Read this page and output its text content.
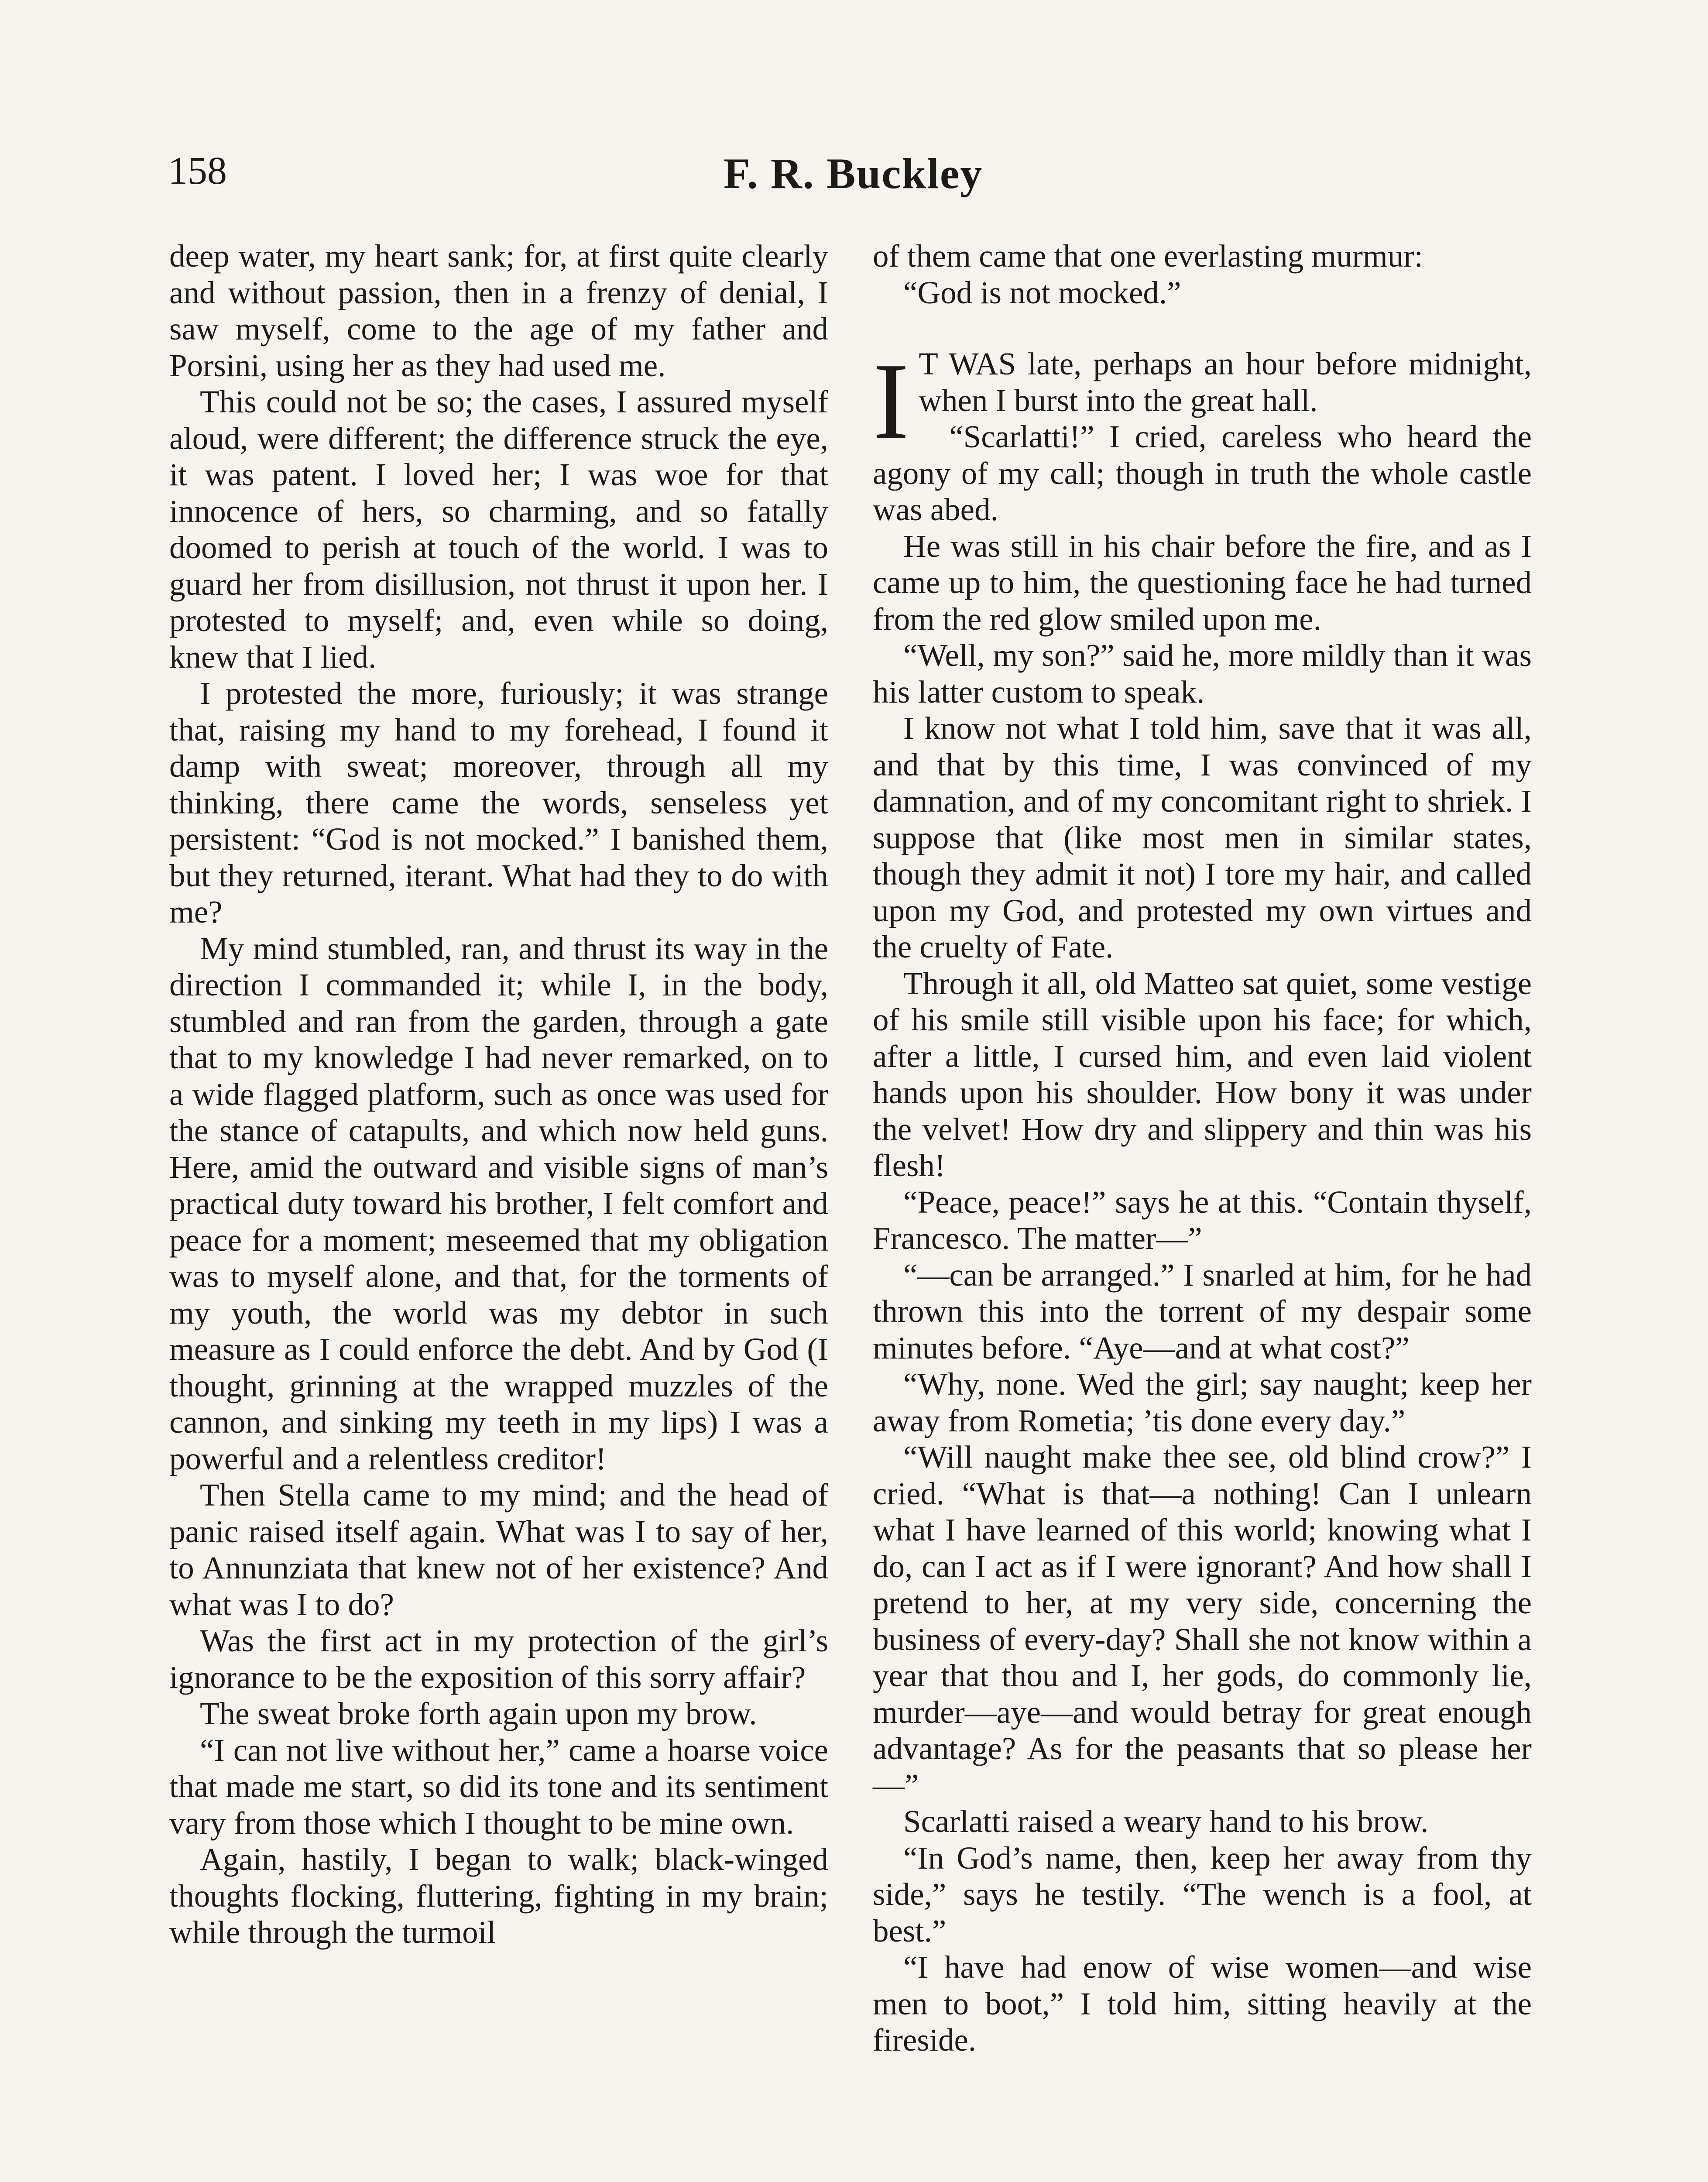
158	F. R. Buckley

deep water, my heart sank; for, at first quite clearly and without passion, then in a frenzy of denial, I saw myself, come to the age of my father and Porsini, using her as they had used me.

This could not be so; the cases, I assured myself aloud, were different; the difference struck the eye, it was patent. I loved her; I was woe for that innocence of hers, so charming, and so fatally doomed to perish at touch of the world. I was to guard her from disillusion, not thrust it upon her. I protested to myself; and, even while so doing, knew that I lied.

I protested the more, furiously; it was strange that, raising my hand to my forehead, I found it damp with sweat; moreover, through all my thinking, there came the words, senseless yet persistent: “God is not mocked.” I banished them, but they returned, iterant. What had they to do with me?

My mind stumbled, ran, and thrust its way in the direction I commanded it; while I, in the body, stumbled and ran from the garden, through a gate that to my knowledge I had never remarked, on to a wide flagged platform, such as once was used for the stance of catapults, and which now held guns. Here, amid the outward and visible signs of man’s practical duty toward his brother, I felt comfort and peace for a moment; meseemed that my obligation was to myself alone, and that, for the torments of my youth, the world was my debtor in such measure as I could enforce the debt. And by God (I thought, grinning at the wrapped muzzles of the cannon, and sinking my teeth in my lips) I was a powerful and a relentless creditor!

Then Stella came to my mind; and the head of panic raised itself again. What was I to say of her, to Annunziata that knew not of her existence? And what was I to do?

Was the first act in my protection of the girl’s ignorance to be the exposition of this sorry affair?

The sweat broke forth again upon my brow.

“I can not live without her,” came a hoarse voice that made me start, so did its tone and its sentiment vary from those which I thought to be mine own.

Again, hastily, I began to walk; black-winged thoughts flocking, fluttering, fighting in my brain; while through the turmoil

of them came that one everlasting murmur:

“God is not mocked.”

I T WAS late, perhaps an hour before midnight, when I burst into the great hall.

“Scarlatti!” I cried, careless who heard the agony of my call; though in truth the whole castle was abed.

He was still in his chair before the fire, and as I came up to him, the questioning face he had turned from the red glow smiled upon me.

“Well, my son?” said he, more mildly than it was his latter custom to speak.

I know not what I told him, save that it was all, and that by this time, I was convinced of my damnation, and of my concomitant right to shriek. I suppose that (like most men in similar states, though they admit it not) I tore my hair, and called upon my God, and protested my own virtues and the cruelty of Fate.

Through it all, old Matteo sat quiet, some vestige of his smile still visible upon his face; for which, after a little, I cursed him, and even laid violent hands upon his shoulder. How bony it was under the velvet! How dry and slippery and thin was his flesh!

“Peace, peace!” says he at this. “Contain thyself, Francesco. The matter—”

“—can be arranged.” I snarled at him, for he had thrown this into the torrent of my despair some minutes before. “Aye—and at what cost?”

“Why, none. Wed the girl; say naught; keep her away from Rometia; ’tis done every day.”

“Will naught make thee see, old blind crow?” I cried. “What is that—a nothing! Can I unlearn what I have learned of this world; knowing what I do, can I act as if I were ignorant? And how shall I pretend to her, at my very side, concerning the business of every-day? Shall she not know within a year that thou and I, her gods, do commonly lie, murder—aye—and would betray for great enough advantage? As for the peasants that so please her—”

Scarlatti raised a weary hand to his brow.

“In God’s name, then, keep her away from thy side,” says he testily. “The wench is a fool, at best.”

“I have had enow of wise women—and wise men to boot,” I told him, sitting heavily at the fireside.
